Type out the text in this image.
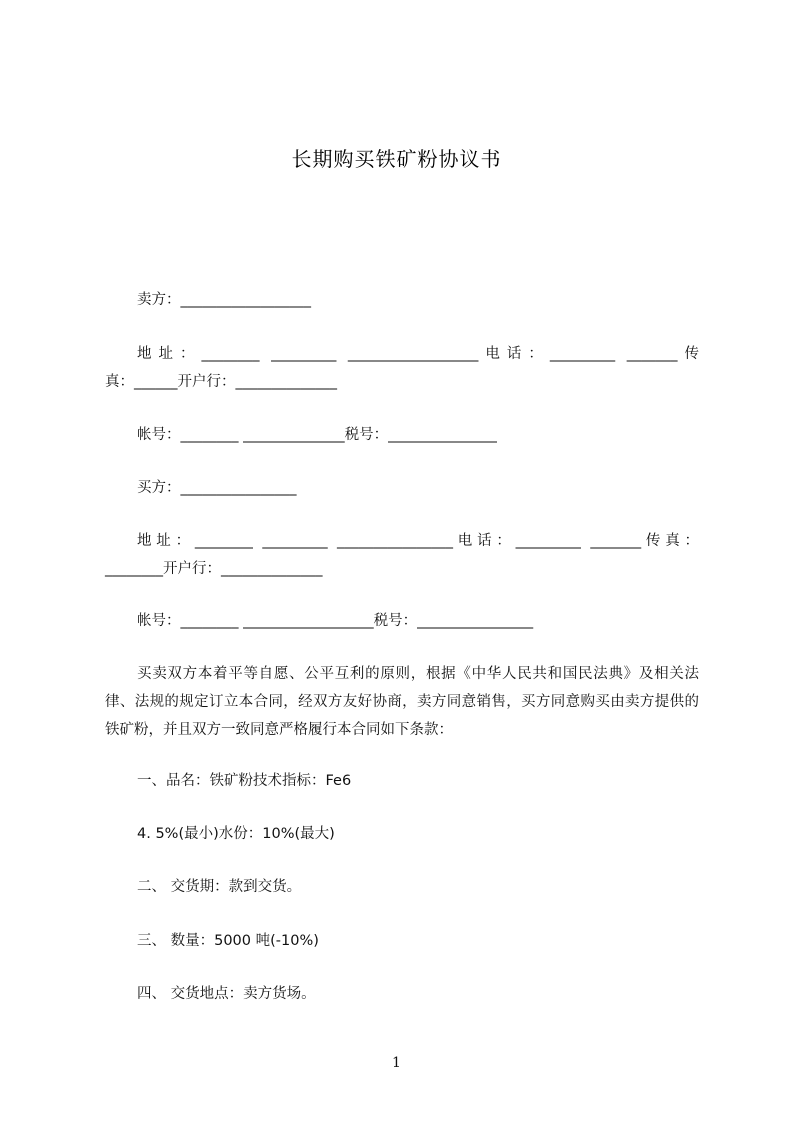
长期购买铁矿粉协议书
卖方：__________________
地址：________ _________ __________________电话：_________ _______传
真：______开户行：______________
帐号：________ ______________税号：_______________
买方：________________
地址：________ _________ ________________电话：_________ _______传真：
________开户行：______________
帐号：________ __________________税号：________________
买卖双方本着平等自愿、公平互利的原则，根据《中华人民共和国民法典》及相关法律、法规的规定订立本合同，经双方友好协商，卖方同意销售，买方同意购买由卖方提供的铁矿粉，并且双方一致同意严格履行本合同如下条款：
一、品名：铁矿粉技术指标：Fe6
4. 5%(最小)水份：10%(最大)
二、 交货期：款到交货。
三、 数量：5000 吨(-10%)
四、 交货地点：卖方货场。
1
